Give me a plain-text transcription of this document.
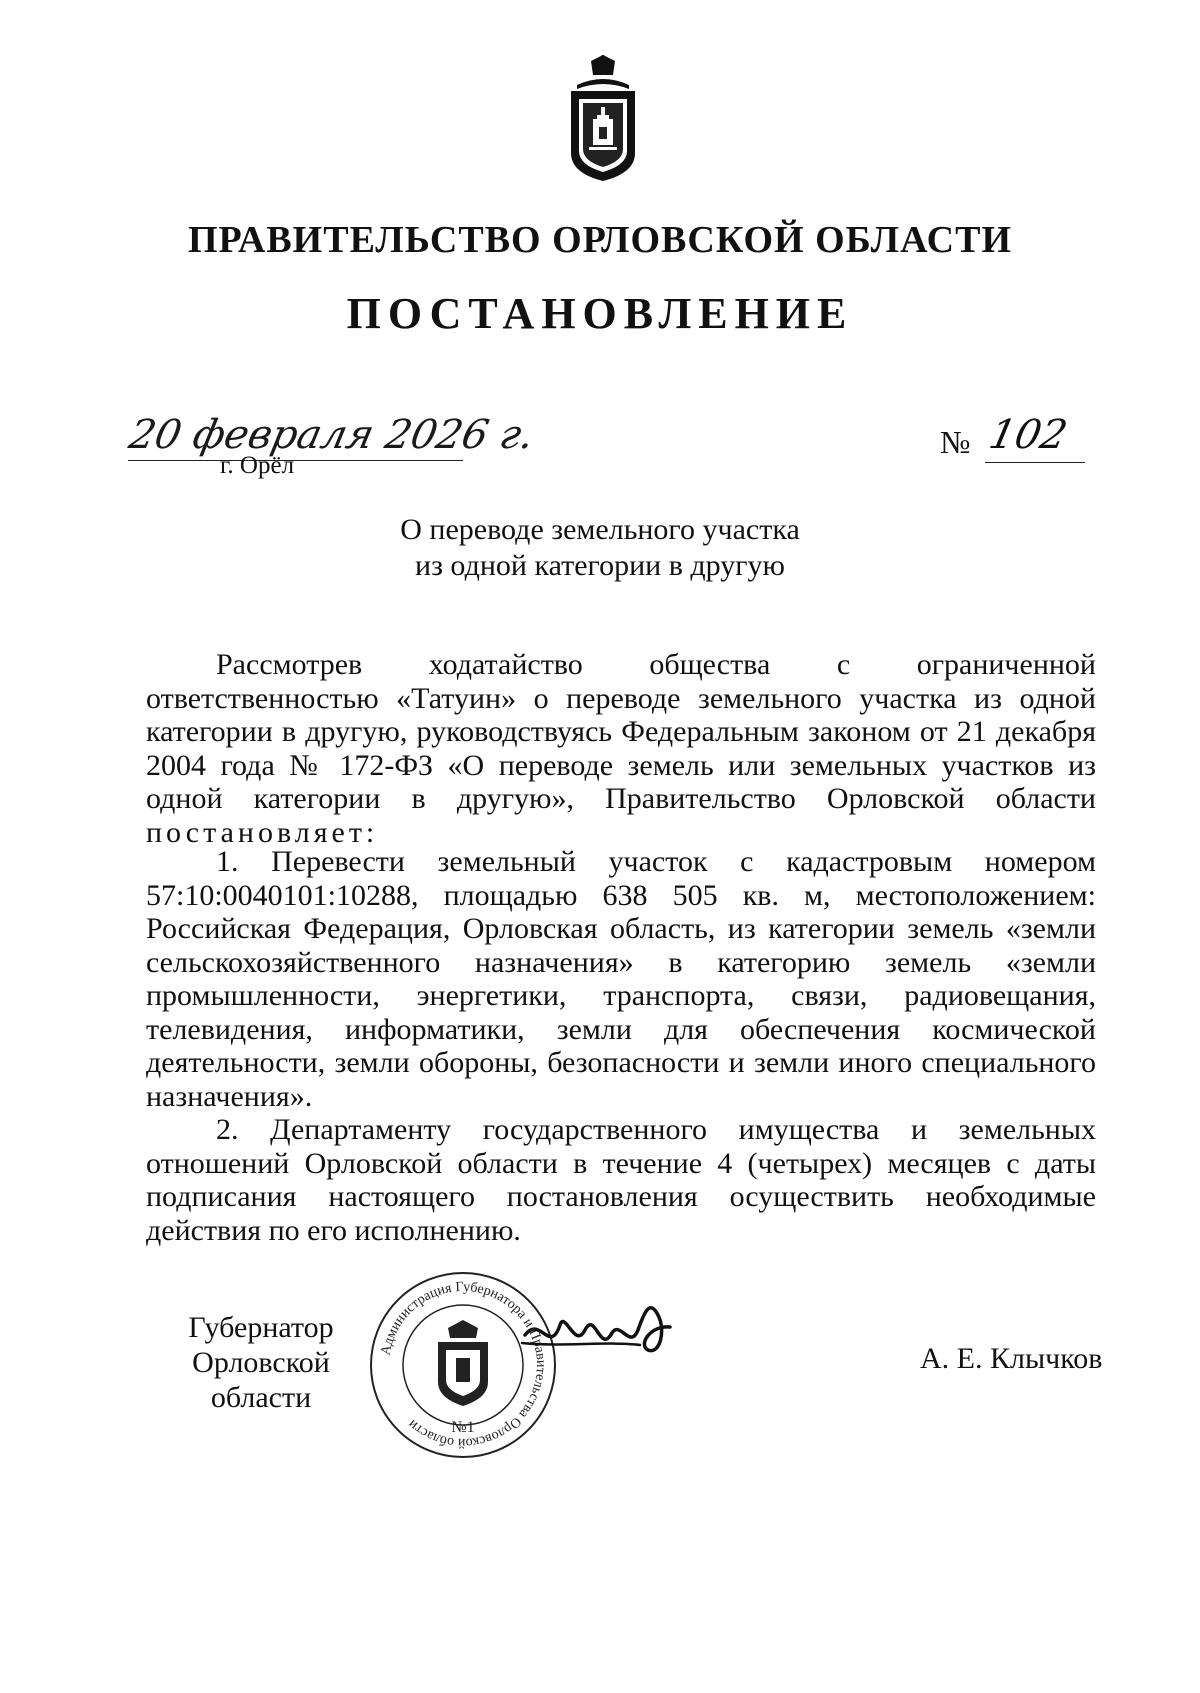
ПРАВИТЕЛЬСТВО ОРЛОВСКОЙ ОБЛАСТИ
ПОСТАНОВЛЕНИЕ
20 февраля 2026 г.
г. Орёл
№ 102
О переводе земельного участка
из одной категории в другую

Рассмотрев ходатайство общества с ограниченной ответственностью «Татуин» о переводе земельного участка из одной категории в другую, руководствуясь Федеральным законом от 21 декабря 2004 года № 172-ФЗ «О переводе земель или земельных участков из одной категории в другую», Правительство Орловской области постановляет:

1. Перевести земельный участок с кадастровым номером 57:10:0040101:10288, площадью 638 505 кв. м, местоположением: Российская Федерация, Орловская область, из категории земель «земли сельскохозяйственного назначения» в категорию земель «земли промышленности, энергетики, транспорта, связи, радиовещания, телевидения, информатики, земли для обеспечения космической деятельности, земли обороны, безопасности и земли иного специального назначения».

2. Департаменту государственного имущества и земельных отношений Орловской области в течение 4 (четырех) месяцев с даты подписания настоящего постановления осуществить необходимые действия по его исполнению.

Губернатор
Орловской области
Администрация Губернатора и Правительства Орловской области	№1
А. Е. Клычков
